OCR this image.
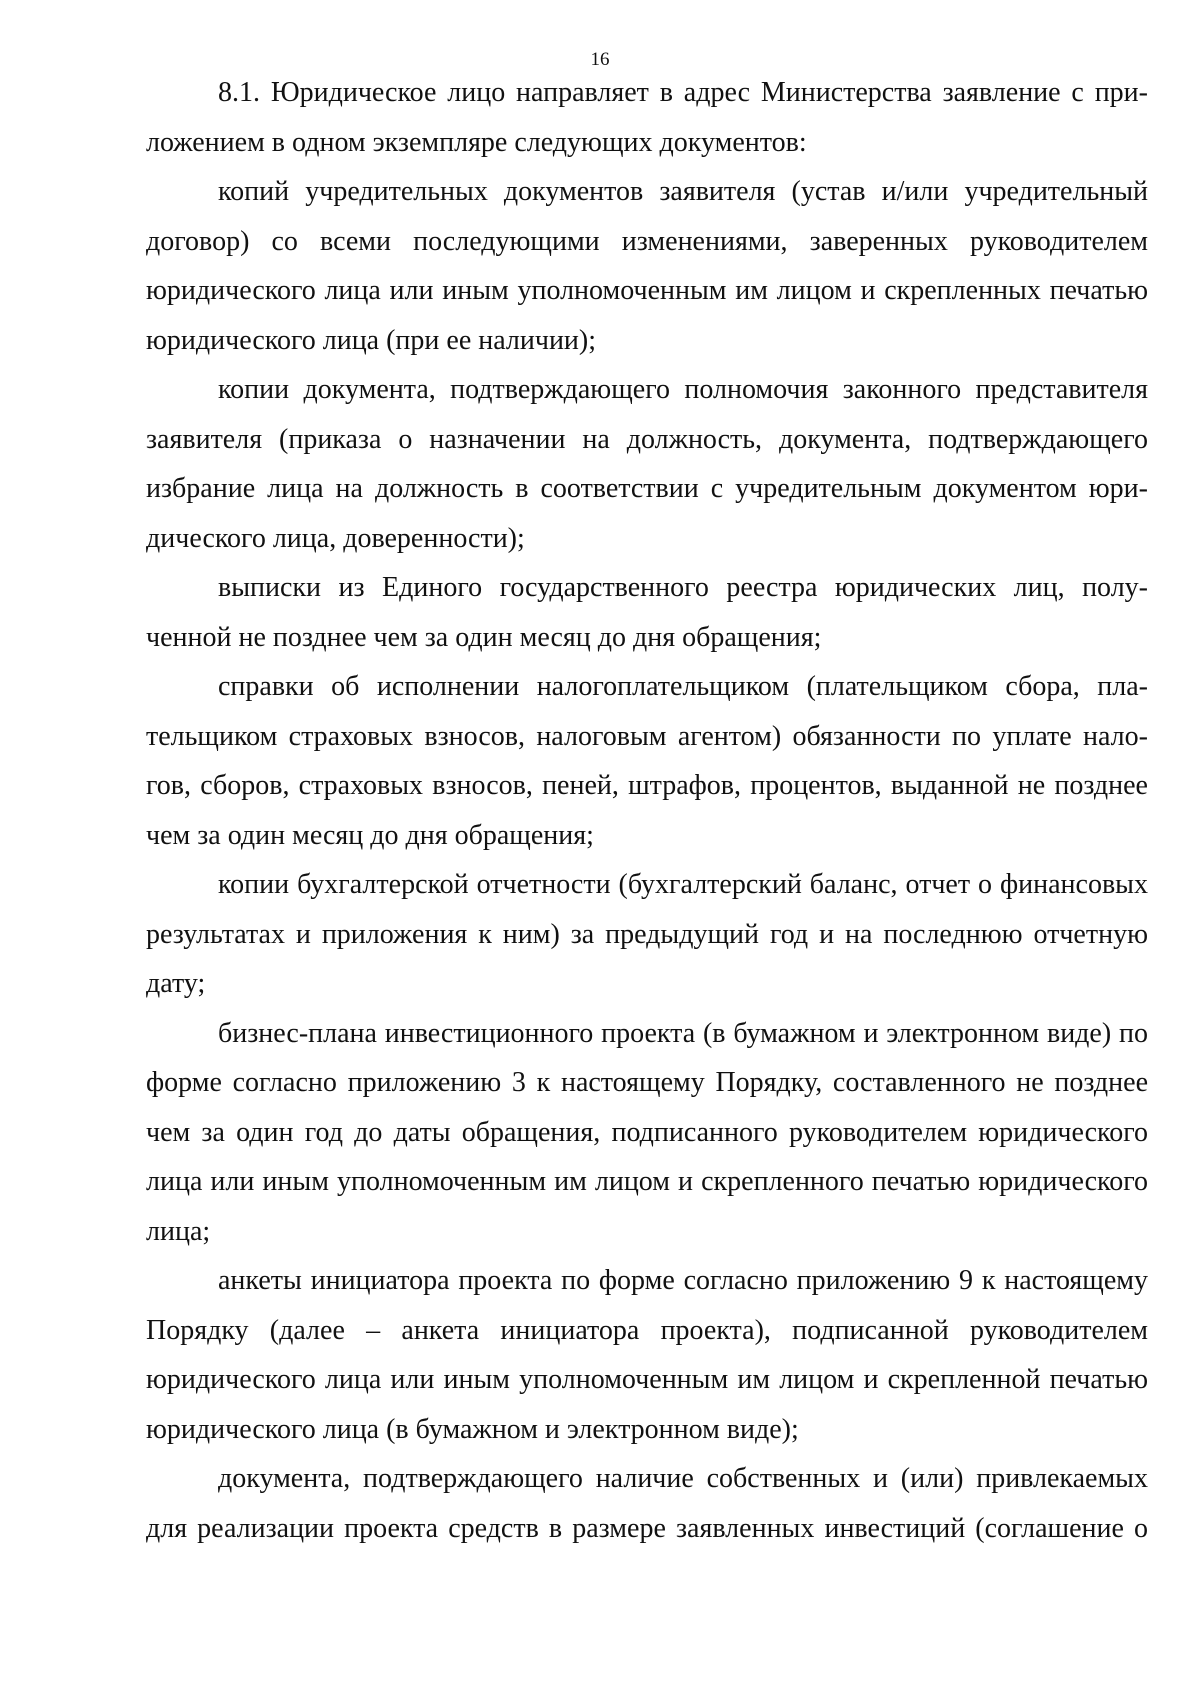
16

8.1. Юридическое лицо направляет в адрес Министерства заявление с приложением в одном экземпляре следующих документов:

копий учредительных документов заявителя (устав и/или учредительный договор) со всеми последующими изменениями, заверенных руководителем юридического лица или иным уполномоченным им лицом и скрепленных печатью юридического лица (при ее наличии);

копии документа, подтверждающего полномочия законного представителя заявителя (приказа о назначении на должность, документа, подтверждающего избрание лица на должность в соответствии с учредительным документом юридического лица, доверенности);

выписки из Единого государственного реестра юридических лиц, полученной не позднее чем за один месяц до дня обращения;

справки об исполнении налогоплательщиком (плательщиком сбора, плательщиком страховых взносов, налоговым агентом) обязанности по уплате налогов, сборов, страховых взносов, пеней, штрафов, процентов, выданной не позднее чем за один месяц до дня обращения;

копии бухгалтерской отчетности (бухгалтерский баланс, отчет о финансовых результатах и приложения к ним) за предыдущий год и на последнюю отчетную дату;

бизнес-плана инвестиционного проекта (в бумажном и электронном виде) по форме согласно приложению 3 к настоящему Порядку, составленного не позднее чем за один год до даты обращения, подписанного руководителем юридического лица или иным уполномоченным им лицом и скрепленного печатью юридического лица;

анкеты инициатора проекта по форме согласно приложению 9 к настоящему Порядку (далее – анкета инициатора проекта), подписанной руководителем юридического лица или иным уполномоченным им лицом и скрепленной печатью юридического лица (в бумажном и электронном виде);

документа, подтверждающего наличие собственных и (или) привлекаемых для реализации проекта средств в размере заявленных инвестиций (соглашение о
